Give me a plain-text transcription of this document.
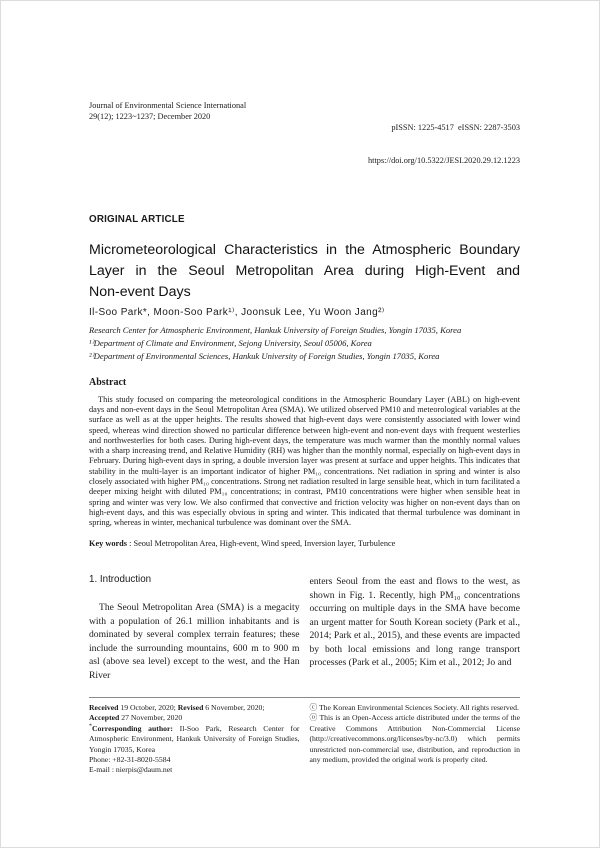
Journal of Environmental Science International
29(12); 1223~1237; December 2020

pISSN: 1225-4517  eISSN: 2287-3503

https://doi.org/10.5322/JESI.2020.29.12.1223

ORIGINAL ARTICLE
Micrometeorological Characteristics in the Atmospheric Boundary
Layer in the Seoul Metropolitan Area during High-Event and
Non-event Days
Il-Soo Park*, Moon-Soo Park¹⁾, Joonsuk Lee, Yu Woon Jang²⁾
Research Center for Atmospheric Environment, Hankuk University of Foreign Studies, Yongin 17035, Korea
¹⁾Department of Climate and Environment, Sejong University, Seoul 05006, Korea
²⁾Department of Environmental Sciences, Hankuk University of Foreign Studies, Yongin 17035, Korea
Abstract
This study focused on comparing the meteorological conditions in the Atmospheric Boundary Layer (ABL) on high-event days and non-event days in the Seoul Metropolitan Area (SMA). We utilized observed PM10 and meteorological variables at the surface as well as at the upper heights. The results showed that high-event days were consistently associated with lower wind speed, whereas wind direction showed no particular difference between high-event and non-event days with frequent westerlies and northwesterlies for both cases. During high-event days, the temperature was much warmer than the monthly normal values with a sharp increasing trend, and Relative Humidity (RH) was higher than the monthly normal, especially on high-event days in February. During high-event days in spring, a double inversion layer was present at surface and upper heights. This indicates that stability in the multi-layer is an important indicator of higher PM₁₀ concentrations. Net radiation in spring and winter is also closely associated with higher PM₁₀ concentrations. Strong net radiation resulted in large sensible heat, which in turn facilitated a deeper mixing height with diluted PM₁₀ concentrations; in contrast, PM10 concentrations were higher when sensible heat in spring and winter was very low. We also confirmed that convective and friction velocity was higher on non-event days than on high-event days, and this was especially obvious in spring and winter. This indicated that thermal turbulence was dominant in spring, whereas in winter, mechanical turbulence was dominant over the SMA.
Key words : Seoul Metropolitan Area, High-event, Wind speed, Inversion layer, Turbulence
1. Introduction
The Seoul Metropolitan Area (SMA) is a megacity with a population of 26.1 million inhabitants and is dominated by several complex terrain features; these include the surrounding mountains, 600 m to 900 m asl (above sea level) except to the west, and the Han River
enters Seoul from the east and flows to the west, as shown in Fig. 1. Recently, high PM₁₀ concentrations occurring on multiple days in the SMA have become an urgent matter for South Korean society (Park et al., 2014; Park et al., 2015), and these events are impacted by both local emissions and long range transport processes (Park et al., 2005; Kim et al., 2012; Jo and

Received 19 October, 2020; Revised 6 November, 2020;
Accepted 27 November, 2020

*Corresponding author: Il-Soo Park, Research Center for Atmospheric Environment, Hankuk University of Foreign Studies, Yongin 17035, Korea

Phone: +82-31-8020-5584

E-mail : nierpis@daum.net

ⓒ The Korean Environmental Sciences Society. All rights reserved.

ⓞ This is an Open-Access article distributed under the terms of the Creative Commons Attribution Non-Commercial License (http://creativecommons.org/licenses/by-nc/3.0) which permits unrestricted non-commercial use, distribution, and reproduction in any medium, provided the original work is properly cited.
